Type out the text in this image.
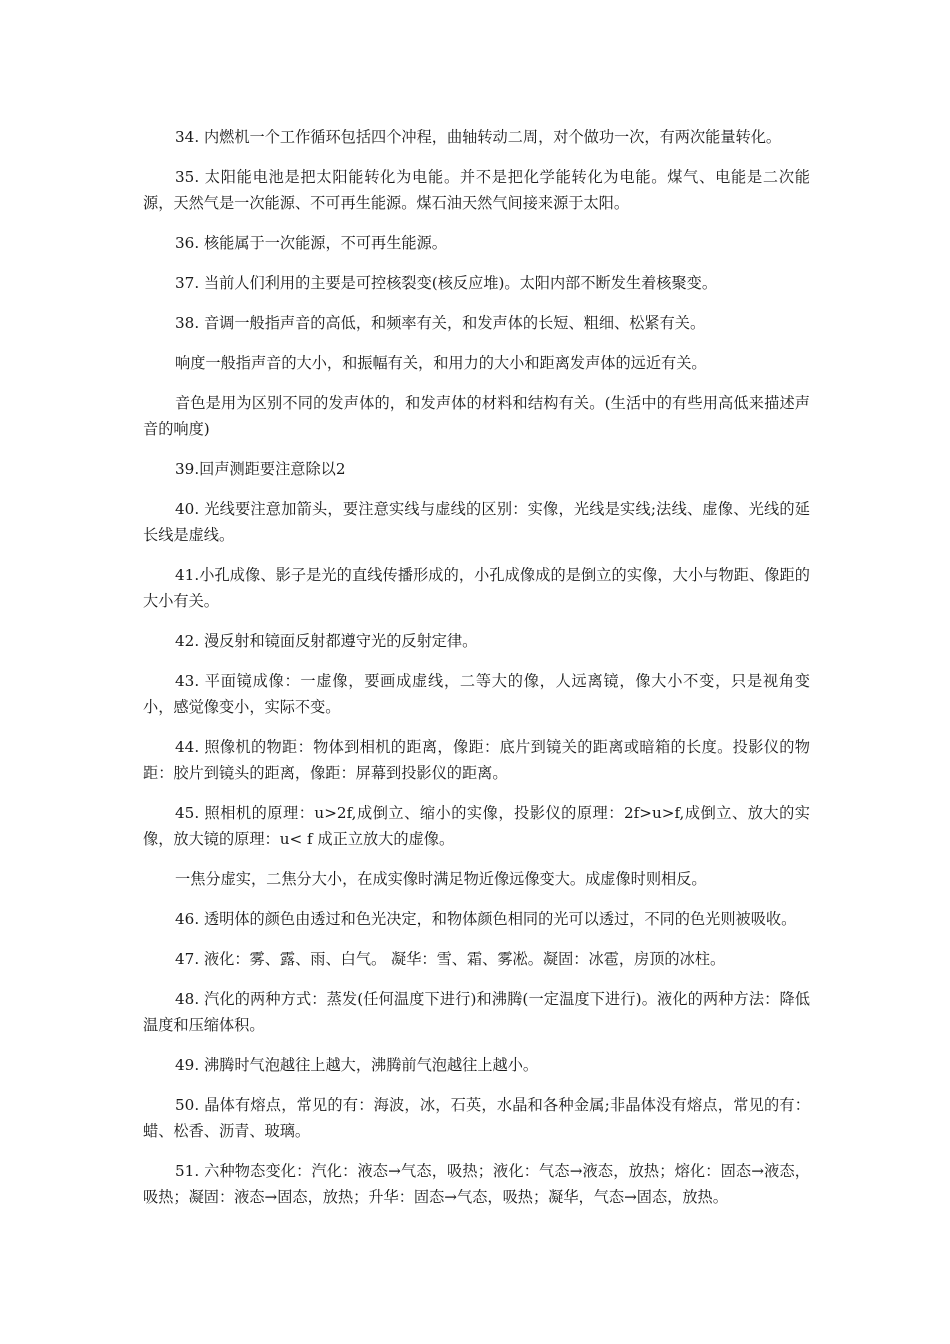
34. 内燃机一个工作循环包括四个冲程，曲轴转动二周，对个做功一次，有两次能量转化。

35. 太阳能电池是把太阳能转化为电能。并不是把化学能转化为电能。煤气、电能是二次能源，天然气是一次能源、不可再生能源。煤石油天然气间接来源于太阳。

36. 核能属于一次能源，不可再生能源。

37. 当前人们利用的主要是可控核裂变(核反应堆)。太阳内部不断发生着核聚变。

38. 音调一般指声音的高低，和频率有关，和发声体的长短、粗细、松紧有关。

响度一般指声音的大小，和振幅有关，和用力的大小和距离发声体的远近有关。

音色是用为区别不同的发声体的，和发声体的材料和结构有关。(生活中的有些用高低来描述声音的响度)

39.回声测距要注意除以2

40. 光线要注意加箭头，要注意实线与虚线的区别：实像，光线是实线;法线、虚像、光线的延长线是虚线。

41.小孔成像、影子是光的直线传播形成的，小孔成像成的是倒立的实像，大小与物距、像距的大小有关。

42. 漫反射和镜面反射都遵守光的反射定律。

43. 平面镜成像：一虚像，要画成虚线，二等大的像，人远离镜，像大小不变，只是视角变小，感觉像变小，实际不变。

44. 照像机的物距：物体到相机的距离，像距：底片到镜关的距离或暗箱的长度。投影仪的物距：胶片到镜头的距离，像距：屏幕到投影仪的距离。

45. 照相机的原理：u>2f,成倒立、缩小的实像，投影仪的原理：2f>u>f,成倒立、放大的实像，放大镜的原理：u< f 成正立放大的虚像。

一焦分虚实，二焦分大小，在成实像时满足物近像远像变大。成虚像时则相反。

46. 透明体的颜色由透过和色光决定，和物体颜色相同的光可以透过，不同的色光则被吸收。

47. 液化：雾、露、雨、白气。 凝华：雪、霜、雾凇。凝固：冰雹，房顶的冰柱。

48. 汽化的两种方式：蒸发(任何温度下进行)和沸腾(一定温度下进行)。液化的两种方法：降低温度和压缩体积。

49. 沸腾时气泡越往上越大，沸腾前气泡越往上越小。

50. 晶体有熔点，常见的有：海波，冰，石英，水晶和各种金属;非晶体没有熔点，常见的有：蜡、松香、沥青、玻璃。

51. 六种物态变化：汽化：液态→气态，吸热；液化：气态→液态，放热；熔化：固态→液态，吸热；凝固：液态→固态，放热；升华：固态→气态，吸热；凝华，气态→固态，放热。
